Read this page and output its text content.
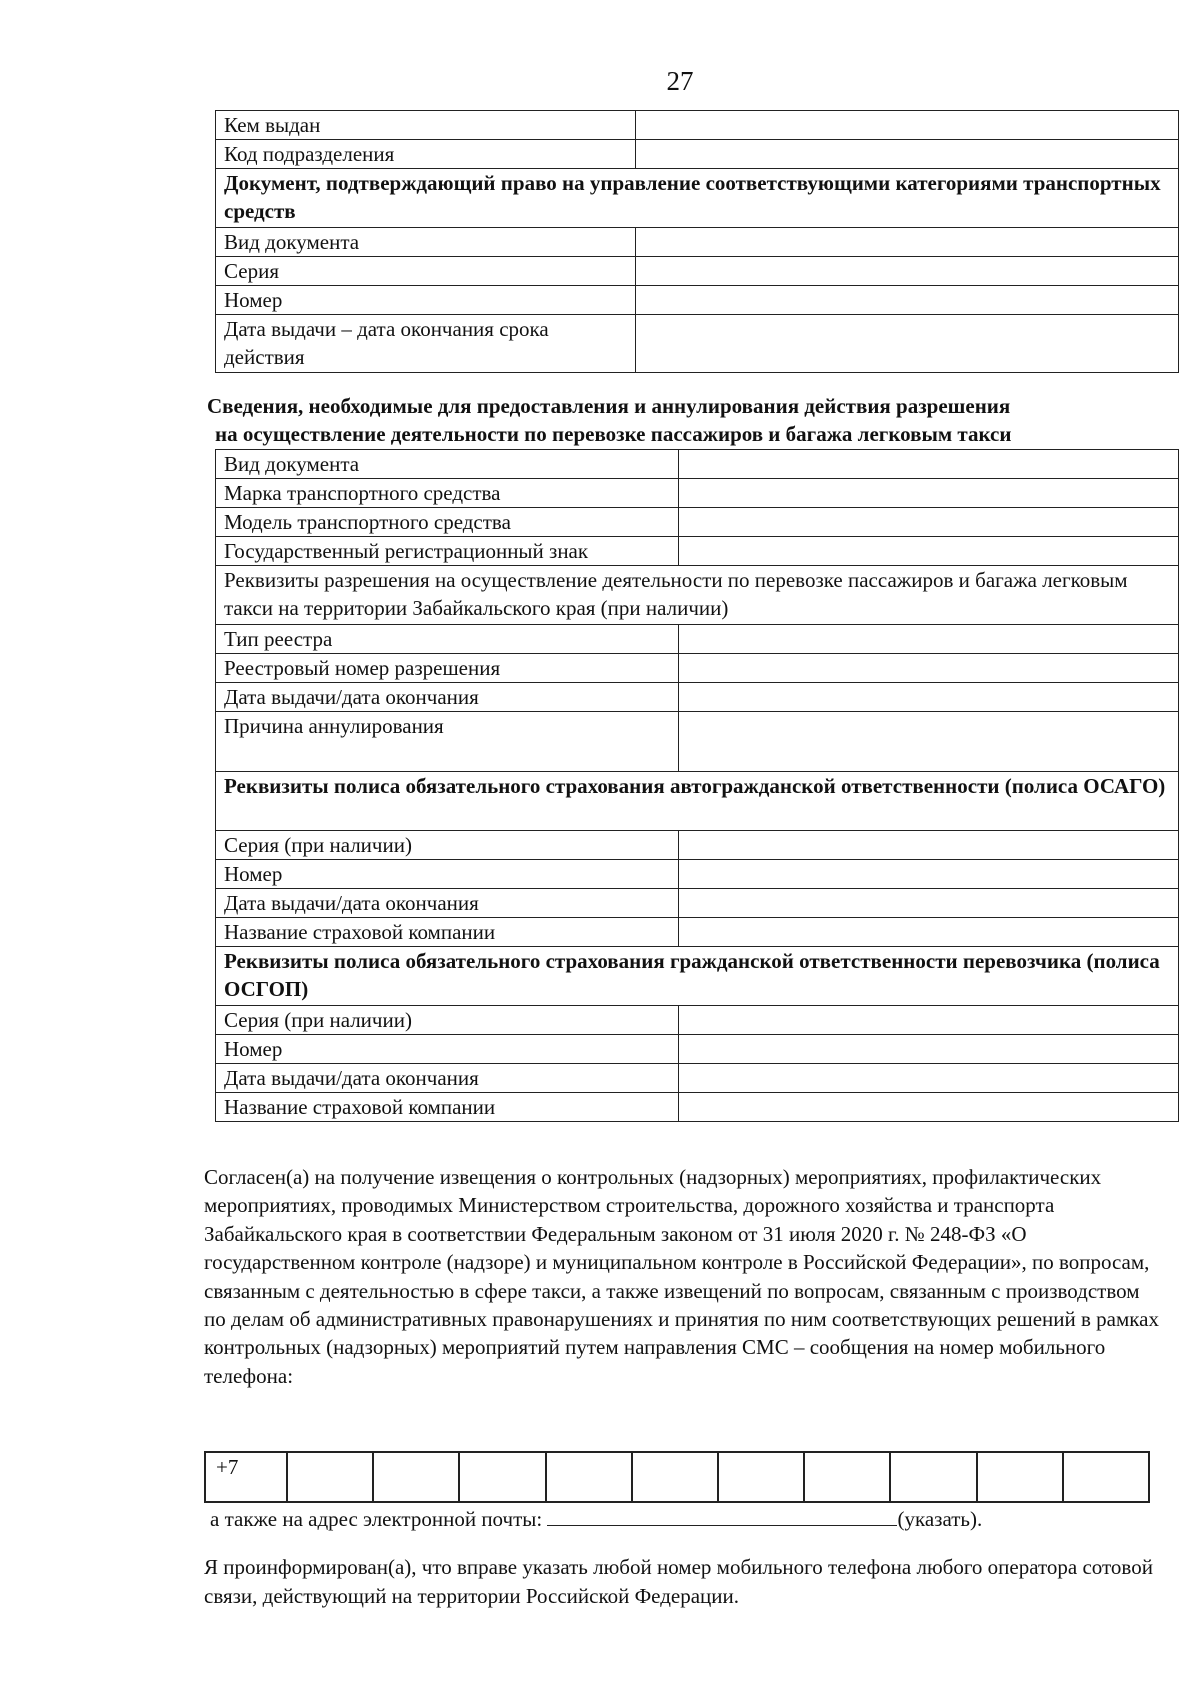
27
Кем выдан	
Код подразделения	
Документ, подтверждающий право на управление соответствующими категориями транспортных средств	
Вид документа	
Серия	
Номер	
Дата выдачи – дата окончания срока действия	
Сведения, необходимые для предоставления и аннулирования действия разрешения
на осуществление деятельности по перевозке пассажиров и багажа легковым такси
Вид документа	
Марка транспортного средства	
Модель транспортного средства	
Государственный регистрационный знак	
Реквизиты разрешения на осуществление деятельности по перевозке пассажиров и багажа легковым такси на территории Забайкальского края (при наличии)	
Тип реестра	
Реестровый номер разрешения	
Дата выдачи/дата окончания	
Причина аннулирования	
Реквизиты полиса обязательного страхования автогражданской ответственности (полиса ОСАГО)	
Серия (при наличии)	
Номер	
Дата выдачи/дата окончания	
Название страховой компании	
Реквизиты полиса обязательного страхования гражданской ответственности перевозчика (полиса ОСГОП)	
Серия (при наличии)	
Номер	
Дата выдачи/дата окончания	
Название страховой компании	
Согласен(а) на получение извещения о контрольных (надзорных) мероприятиях, профилактических мероприятиях, проводимых Министерством строительства, дорожного хозяйства и транспорта Забайкальского края в соответствии Федеральным законом от 31 июля 2020 г. № 248-ФЗ «О государственном контроле (надзоре) и муниципальном контроле в Российской Федерации», по вопросам, связанным с деятельностью в сфере такси, а также извещений по вопросам, связанным с производством по делам об административных правонарушениях и принятия по ним соответствующих решений в рамках контрольных (надзорных) мероприятий путем направления СМС – сообщения на номер мобильного телефона:
+7										
а также на адрес электронной почты:	(указать).
Я проинформирован(а), что вправе указать любой номер мобильного телефона любого оператора сотовой связи, действующий на территории Российской Федерации.
